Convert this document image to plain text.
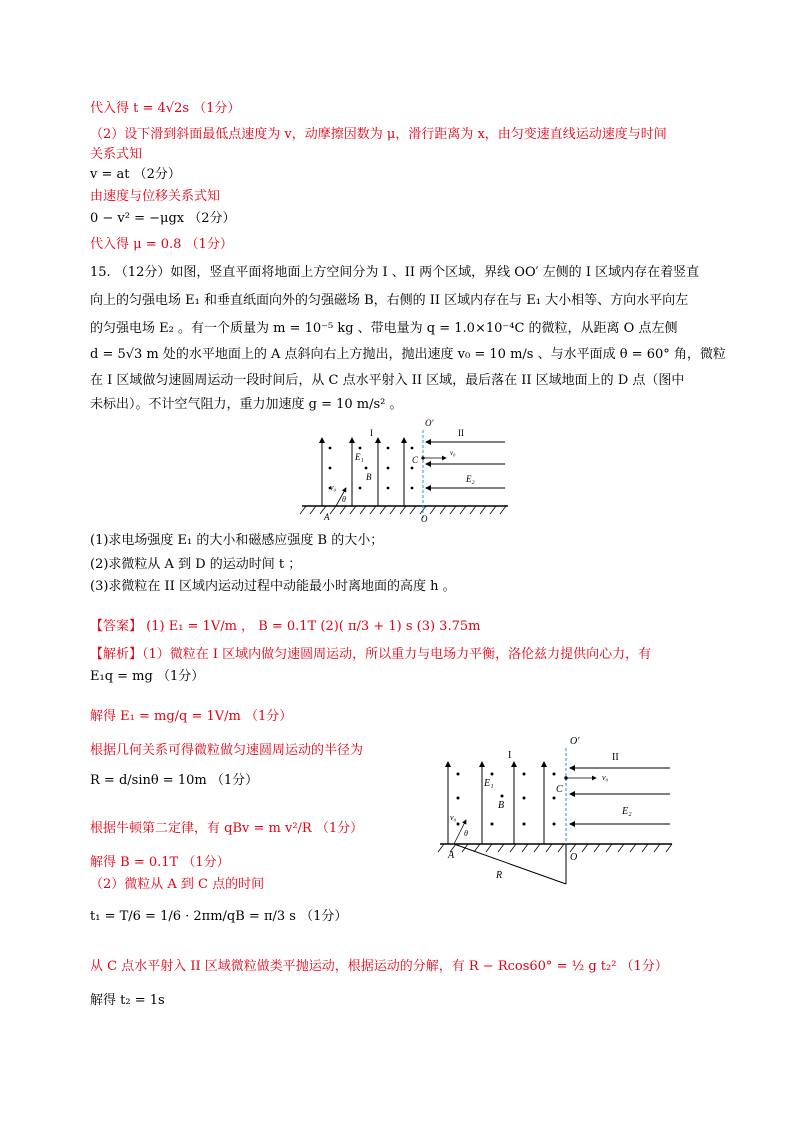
代入得 t = 4√2s （1分）
（2）设下滑到斜面最低点速度为 v，动摩擦因数为 μ，滑行距离为 x，由匀变速直线运动速度与时间
关系式知
v = at （2分）
由速度与位移关系式知
0 − v² = −μgx （2分）
代入得 μ = 0.8 （1分）
15. （12分）如图，竖直平面将地面上方空间分为 I 、II 两个区域，界线 OO′ 左侧的 I 区域内存在着竖直
向上的匀强电场 E₁ 和垂直纸面向外的匀强磁场 B，右侧的 II 区域内存在与 E₁ 大小相等、方向水平向左
的匀强电场 E₂ 。有一个质量为 m = 10⁻⁵ kg 、带电量为 q = 1.0×10⁻⁴C 的微粒，从距离 O 点左侧
d = 5√3 m 处的水平地面上的 A 点斜向右上方抛出，抛出速度 v₀ = 10 m/s 、与水平面成 θ = 60° 角，微粒
在 I 区域做匀速圆周运动一段时间后，从 C 点水平射入 II 区域，最后落在 II 区域地面上的 D 点（图中
未标出）。不计空气阻力，重力加速度 g = 10 m/s² 。
O′
II
I
E₁
B
C
v₀
E₂
v₀
θ
A	O
(1)求电场强度 E₁ 的大小和磁感应强度 B 的大小；
(2)求微粒从 A 到 D 的运动时间 t ；
(3)求微粒在 II 区域内运动过程中动能最小时离地面的高度 h 。
【答案】 (1) E₁ = 1V/m ， B = 0.1T (2)( π/3 + 1) s (3) 3.75m
【解析】（1）微粒在 I 区域内做匀速圆周运动，所以重力与电场力平衡，洛伦兹力提供向心力，有
E₁q = mg （1分）
解得 E₁ = mg/q = 1V/m （1分）
根据几何关系可得微粒做匀速圆周运动的半径为
R = d/sinθ = 10m （1分）
根据牛顿第二定律，有 qBv = m v²/R （1分）
解得 B = 0.1T （1分）
（2）微粒从 A 到 C 点的时间
t₁ = T/6 = 1/6 · 2πm/qB = π/3 s （1分）
从 C 点水平射入 II 区域微粒做类平抛运动，根据运动的分解，有 R − Rcos60° = ½ g t₂² （1分）
解得 t₂ = 1s
O′
II
I
E₁
B
C
v₀
E₂
v₀
θ
A	O
R
